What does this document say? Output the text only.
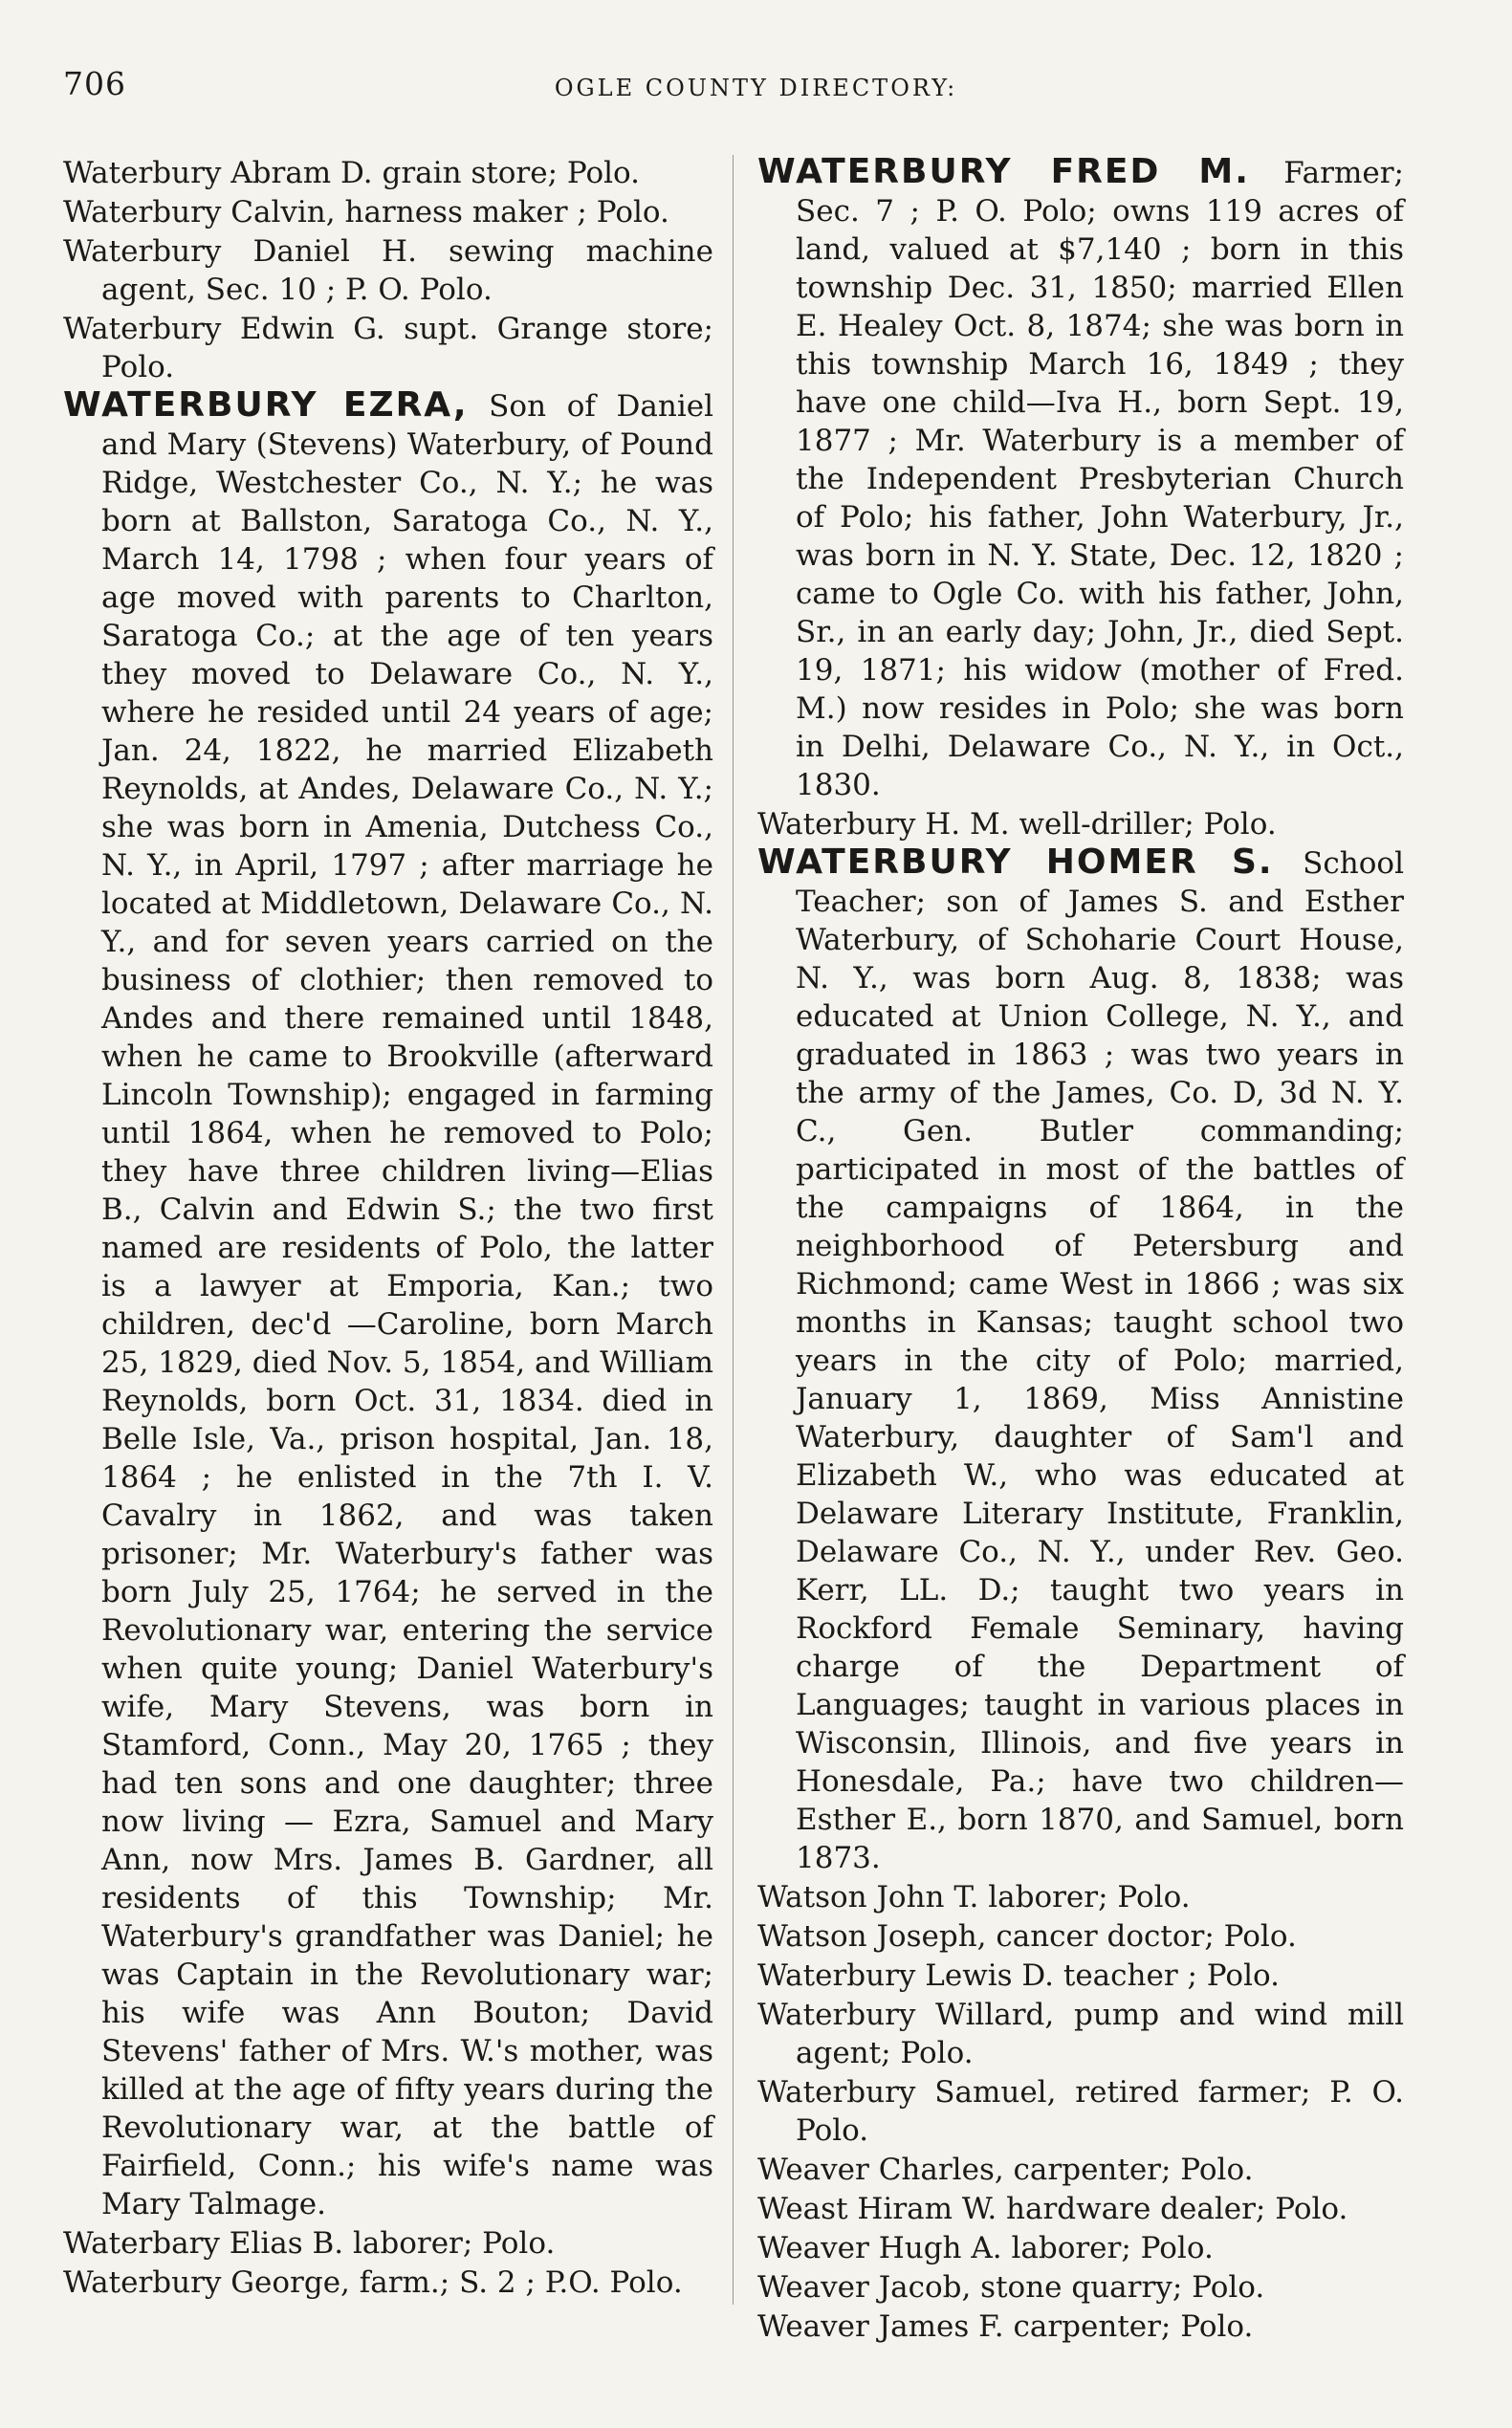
706	OGLE COUNTY DIRECTORY:

Waterbury Abram D. grain store; Polo.

Waterbury Calvin, harness maker ; Polo.

Waterbury Daniel H. sewing machine agent, Sec. 10 ; P. O. Polo.

Waterbury Edwin G. supt. Grange store; Polo.

WATERBURY EZRA, Son of Daniel and Mary (Stevens) Waterbury, of Pound Ridge, Westchester Co., N. Y.; he was born at Ballston, Saratoga Co., N. Y., March 14, 1798 ; when four years of age moved with parents to Charlton, Saratoga Co.; at the age of ten years they moved to Delaware Co., N. Y., where he resided until 24 years of age; Jan. 24, 1822, he married Elizabeth Reynolds, at Andes, Delaware Co., N. Y.; she was born in Amenia, Dutchess Co., N. Y., in April, 1797 ; after marriage he located at Middletown, Delaware Co., N. Y., and for seven years carried on the business of clothier; then removed to Andes and there remained until 1848, when he came to Brookville (afterward Lincoln Township); engaged in farming until 1864, when he removed to Polo; they have three children living—Elias B., Calvin and Edwin S.; the two first named are residents of Polo, the latter is a lawyer at Emporia, Kan.; two children, dec'd —Caroline, born March 25, 1829, died Nov. 5, 1854, and William Reynolds, born Oct. 31, 1834. died in Belle Isle, Va., prison hospital, Jan. 18, 1864 ; he enlisted in the 7th I. V. Cavalry in 1862, and was taken prisoner; Mr. Waterbury's father was born July 25, 1764; he served in the Revolutionary war, entering the service when quite young; Daniel Waterbury's wife, Mary Stevens, was born in Stamford, Conn., May 20, 1765 ; they had ten sons and one daughter; three now living — Ezra, Samuel and Mary Ann, now Mrs. James B. Gardner, all residents of this Township; Mr. Waterbury's grandfather was Daniel; he was Captain in the Revolutionary war; his wife was Ann Bouton; David Stevens' father of Mrs. W.'s mother, was killed at the age of fifty years during the Revolutionary war, at the battle of Fairfield, Conn.; his wife's name was Mary Talmage.

Waterbary Elias B. laborer; Polo.

Waterbury George, farm.; S. 2 ; P.O. Polo.

WATERBURY FRED M. Farmer; Sec. 7 ; P. O. Polo; owns 119 acres of land, valued at $7,140 ; born in this township Dec. 31, 1850; married Ellen E. Healey Oct. 8, 1874; she was born in this township March 16, 1849 ; they have one child—Iva H., born Sept. 19, 1877 ; Mr. Waterbury is a member of the Independent Presbyterian Church of Polo; his father, John Waterbury, Jr., was born in N. Y. State, Dec. 12, 1820 ; came to Ogle Co. with his father, John, Sr., in an early day; John, Jr., died Sept. 19, 1871; his widow (mother of Fred. M.) now resides in Polo; she was born in Delhi, Delaware Co., N. Y., in Oct., 1830.

Waterbury H. M. well-driller; Polo.

WATERBURY HOMER S. School Teacher; son of James S. and Esther Waterbury, of Schoharie Court House, N. Y., was born Aug. 8, 1838; was educated at Union College, N. Y., and graduated in 1863 ; was two years in the army of the James, Co. D, 3d N. Y. C., Gen. Butler commanding; participated in most of the battles of the campaigns of 1864, in the neighborhood of Petersburg and Richmond; came West in 1866 ; was six months in Kansas; taught school two years in the city of Polo; married, January 1, 1869, Miss Annistine Waterbury, daughter of Sam'l and Elizabeth W., who was educated at Delaware Literary Institute, Franklin, Delaware Co., N. Y., under Rev. Geo. Kerr, LL. D.; taught two years in Rockford Female Seminary, having charge of the Department of Languages; taught in various places in Wisconsin, Illinois, and five years in Honesdale, Pa.; have two children—Esther E., born 1870, and Samuel, born 1873.

Watson John T. laborer; Polo.

Watson Joseph, cancer doctor; Polo.

Waterbury Lewis D. teacher ; Polo.

Waterbury Willard, pump and wind mill agent; Polo.

Waterbury Samuel, retired farmer; P. O. Polo.

Weaver Charles, carpenter; Polo.

Weast Hiram W. hardware dealer; Polo.

Weaver Hugh A. laborer; Polo.

Weaver Jacob, stone quarry; Polo.

Weaver James F. carpenter; Polo.
